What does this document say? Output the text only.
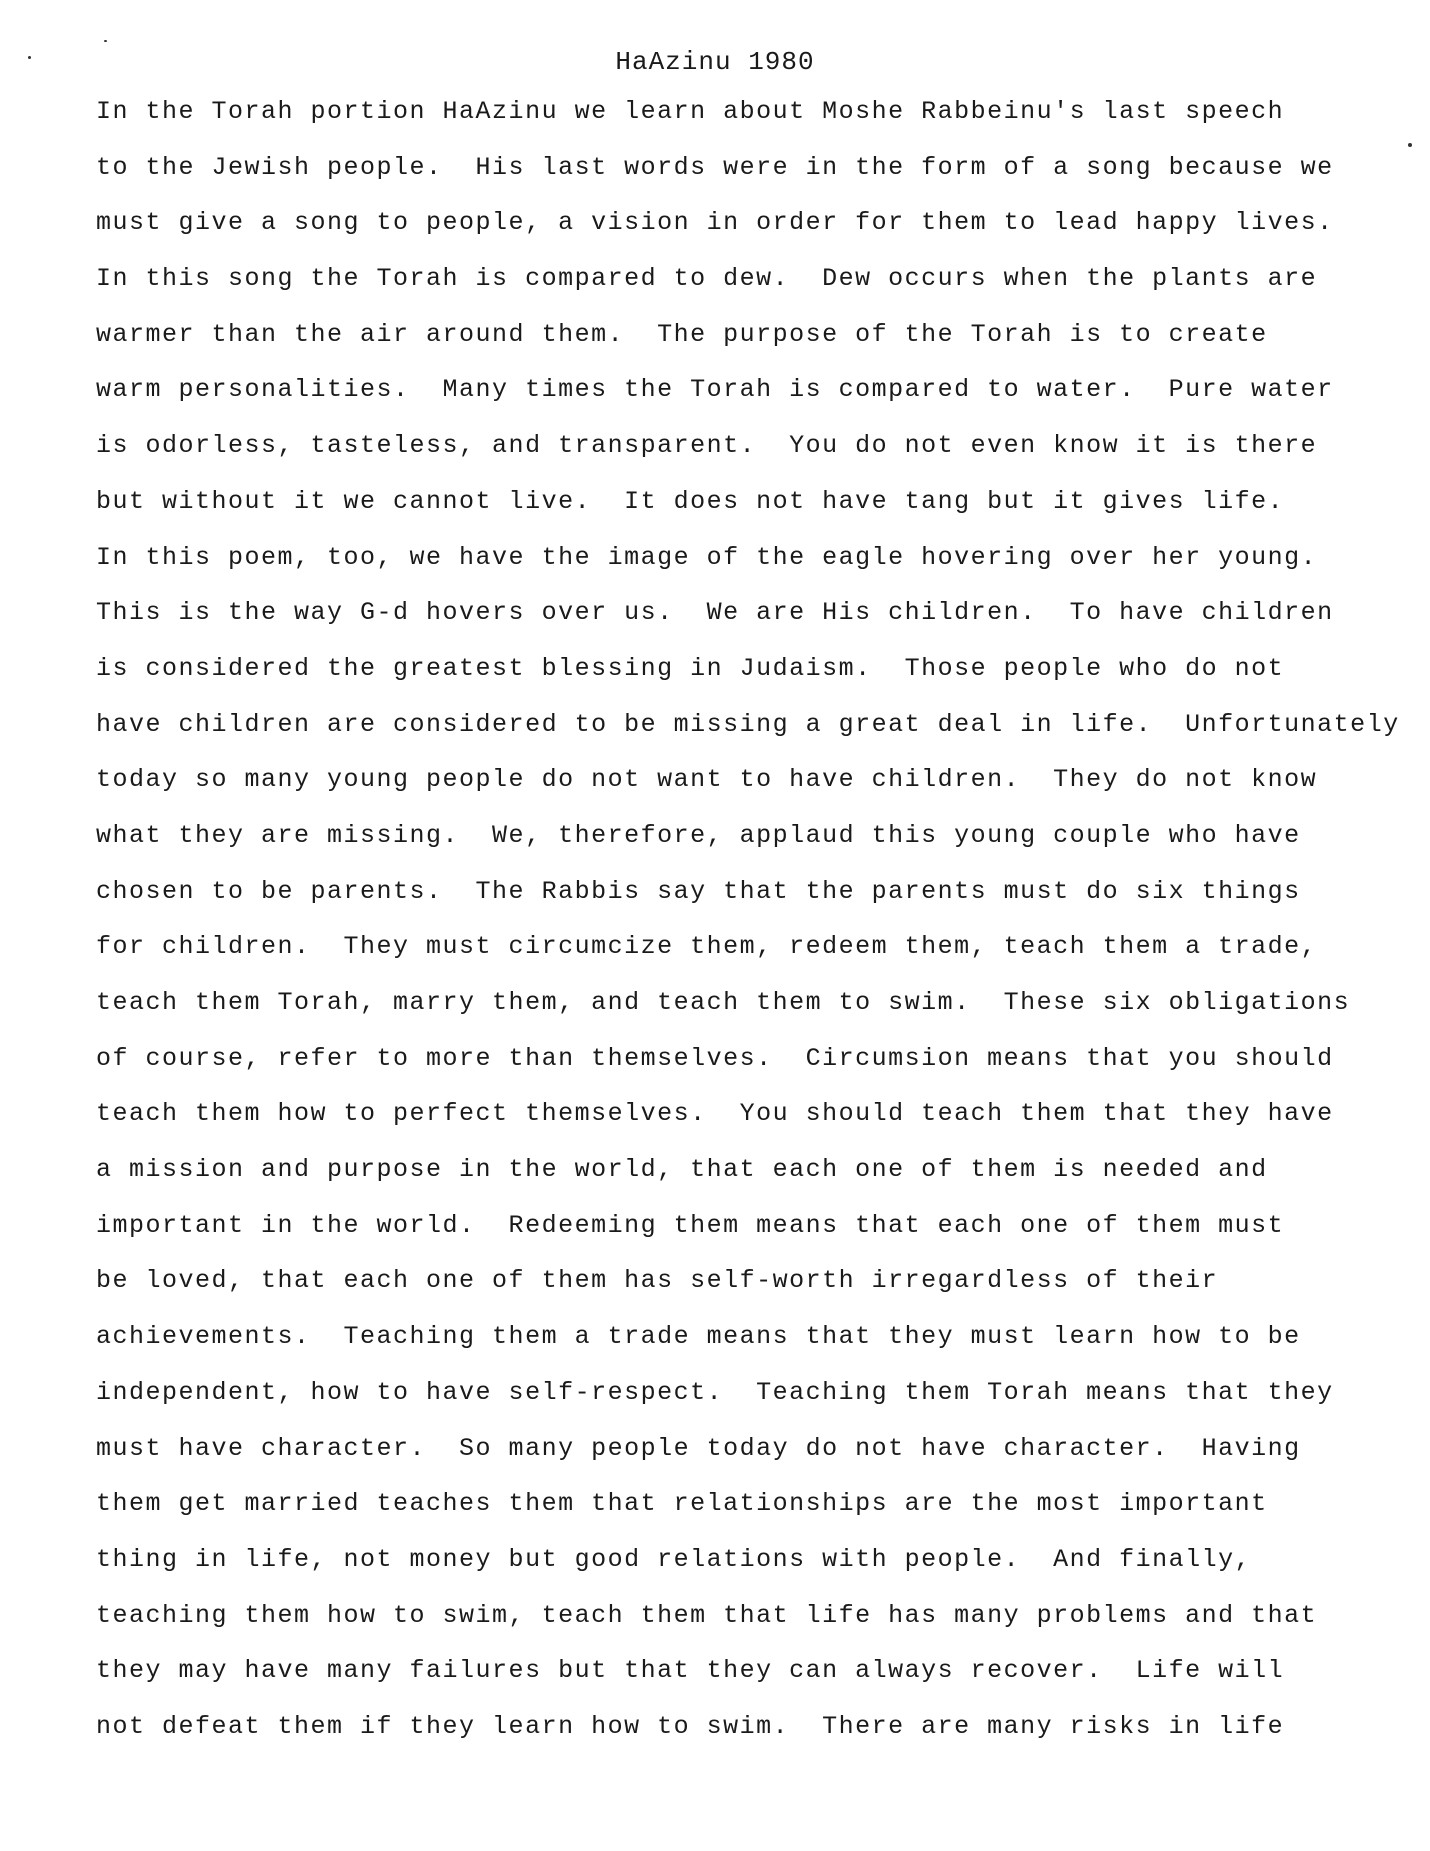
HaAzinu 1980
In the Torah portion HaAzinu we learn about Moshe Rabbeinu's last speech
to the Jewish people.  His last words were in the form of a song because we
must give a song to people, a vision in order for them to lead happy lives.
In this song the Torah is compared to dew.  Dew occurs when the plants are
warmer than the air around them.  The purpose of the Torah is to create
warm personalities.  Many times the Torah is compared to water.  Pure water
is odorless, tasteless, and transparent.  You do not even know it is there
but without it we cannot live.  It does not have tang but it gives life.
In this poem, too, we have the image of the eagle hovering over her young.
This is the way G-d hovers over us.  We are His children.  To have children
is considered the greatest blessing in Judaism.  Those people who do not
have children are considered to be missing a great deal in life.  Unfortunately
today so many young people do not want to have children.  They do not know
what they are missing.  We, therefore, applaud this young couple who have
chosen to be parents.  The Rabbis say that the parents must do six things
for children.  They must circumcize them, redeem them, teach them a trade,
teach them Torah, marry them, and teach them to swim.  These six obligations
of course, refer to more than themselves.  Circumsion means that you should
teach them how to perfect themselves.  You should teach them that they have
a mission and purpose in the world, that each one of them is needed and
important in the world.  Redeeming them means that each one of them must
be loved, that each one of them has self-worth irregardless of their
achievements.  Teaching them a trade means that they must learn how to be
independent, how to have self-respect.  Teaching them Torah means that they
must have character.  So many people today do not have character.  Having
them get married teaches them that relationships are the most important
thing in life, not money but good relations with people.  And finally,
teaching them how to swim, teach them that life has many problems and that
they may have many failures but that they can always recover.  Life will
not defeat them if they learn how to swim.  There are many risks in life
